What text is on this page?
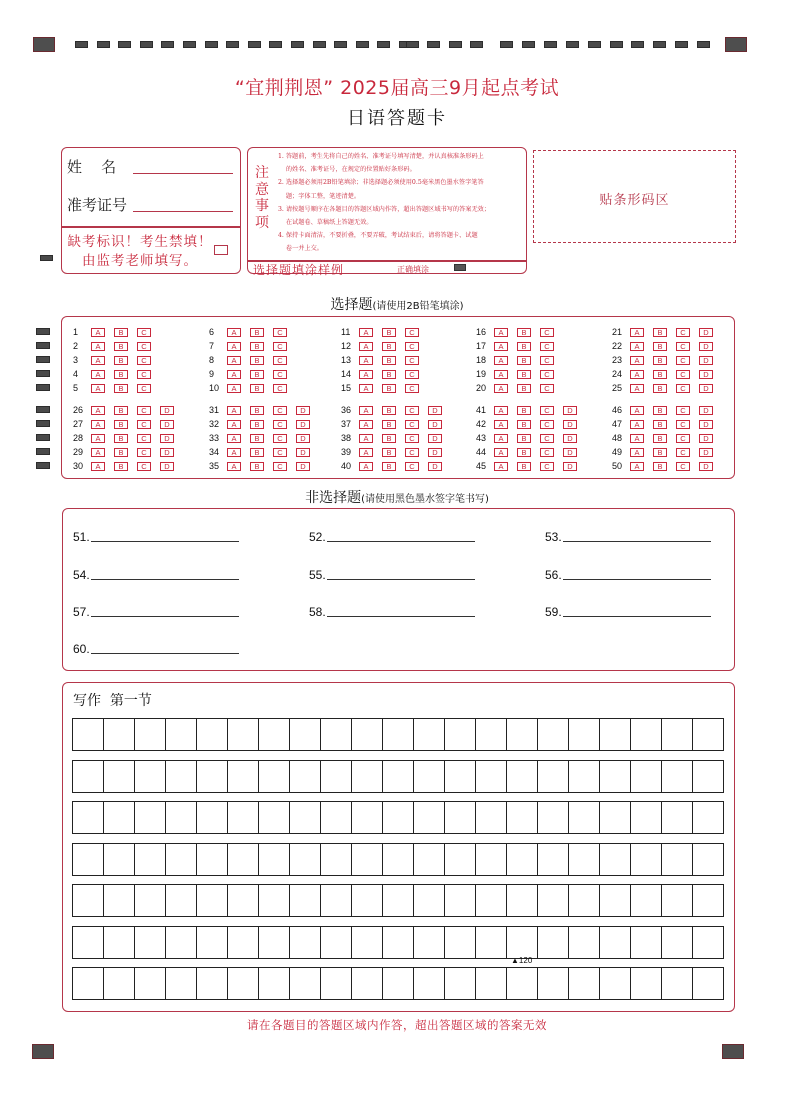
“宜荆荆恩” 2025届高三9月起点考试
日语答题卡
姓    名
准考证号
缺考标识！考生禁填！
由监考老师填写。
注意事项
1. 答题前，考生先将自己的姓名、准考证号填写清楚，并认真核准条形码上
的姓名、准考证号，在规定的位置贴好条形码。
2. 选择题必须用2B铅笔填涂；非选择题必须使用0.5毫米黑色墨水签字笔答
题；字体工整，笔迹清楚。
3. 请按题号顺序在各题目的答题区域内作答，超出答题区域书写的答案无效；
在试题卷、草稿纸上答题无效。
4. 保持卡面清洁，不要折叠，不要弄破，考试结束后，请将答题卡、试题
卷一并上交。
选择题填涂样例	正确填涂
贴条形码区
选择题(请使用2B铅笔填涂)
1	A	B	C
2	A	B	C
3	A	B	C
4	A	B	C
5	A	B	C
6	A	B	C
7	A	B	C
8	A	B	C
9	A	B	C
10	A	B	C
11	A	B	C
12	A	B	C
13	A	B	C
14	A	B	C
15	A	B	C
16	A	B	C
17	A	B	C
18	A	B	C
19	A	B	C
20	A	B	C
21	A	B	C	D
22	A	B	C	D
23	A	B	C	D
24	A	B	C	D
25	A	B	C	D
26	A	B	C	D
27	A	B	C	D
28	A	B	C	D
29	A	B	C	D
30	A	B	C	D
31	A	B	C	D
32	A	B	C	D
33	A	B	C	D
34	A	B	C	D
35	A	B	C	D
36	A	B	C	D
37	A	B	C	D
38	A	B	C	D
39	A	B	C	D
40	A	B	C	D
41	A	B	C	D
42	A	B	C	D
43	A	B	C	D
44	A	B	C	D
45	A	B	C	D
46	A	B	C	D
47	A	B	C	D
48	A	B	C	D
49	A	B	C	D
50	A	B	C	D
非选择题(请使用黑色墨水签字笔书写)
51.	52.	53.
54.	55.	56.
57.	58.	59.
60.
写作  第一节
▲120
请在各题目的答题区域内作答，超出答题区域的答案无效
